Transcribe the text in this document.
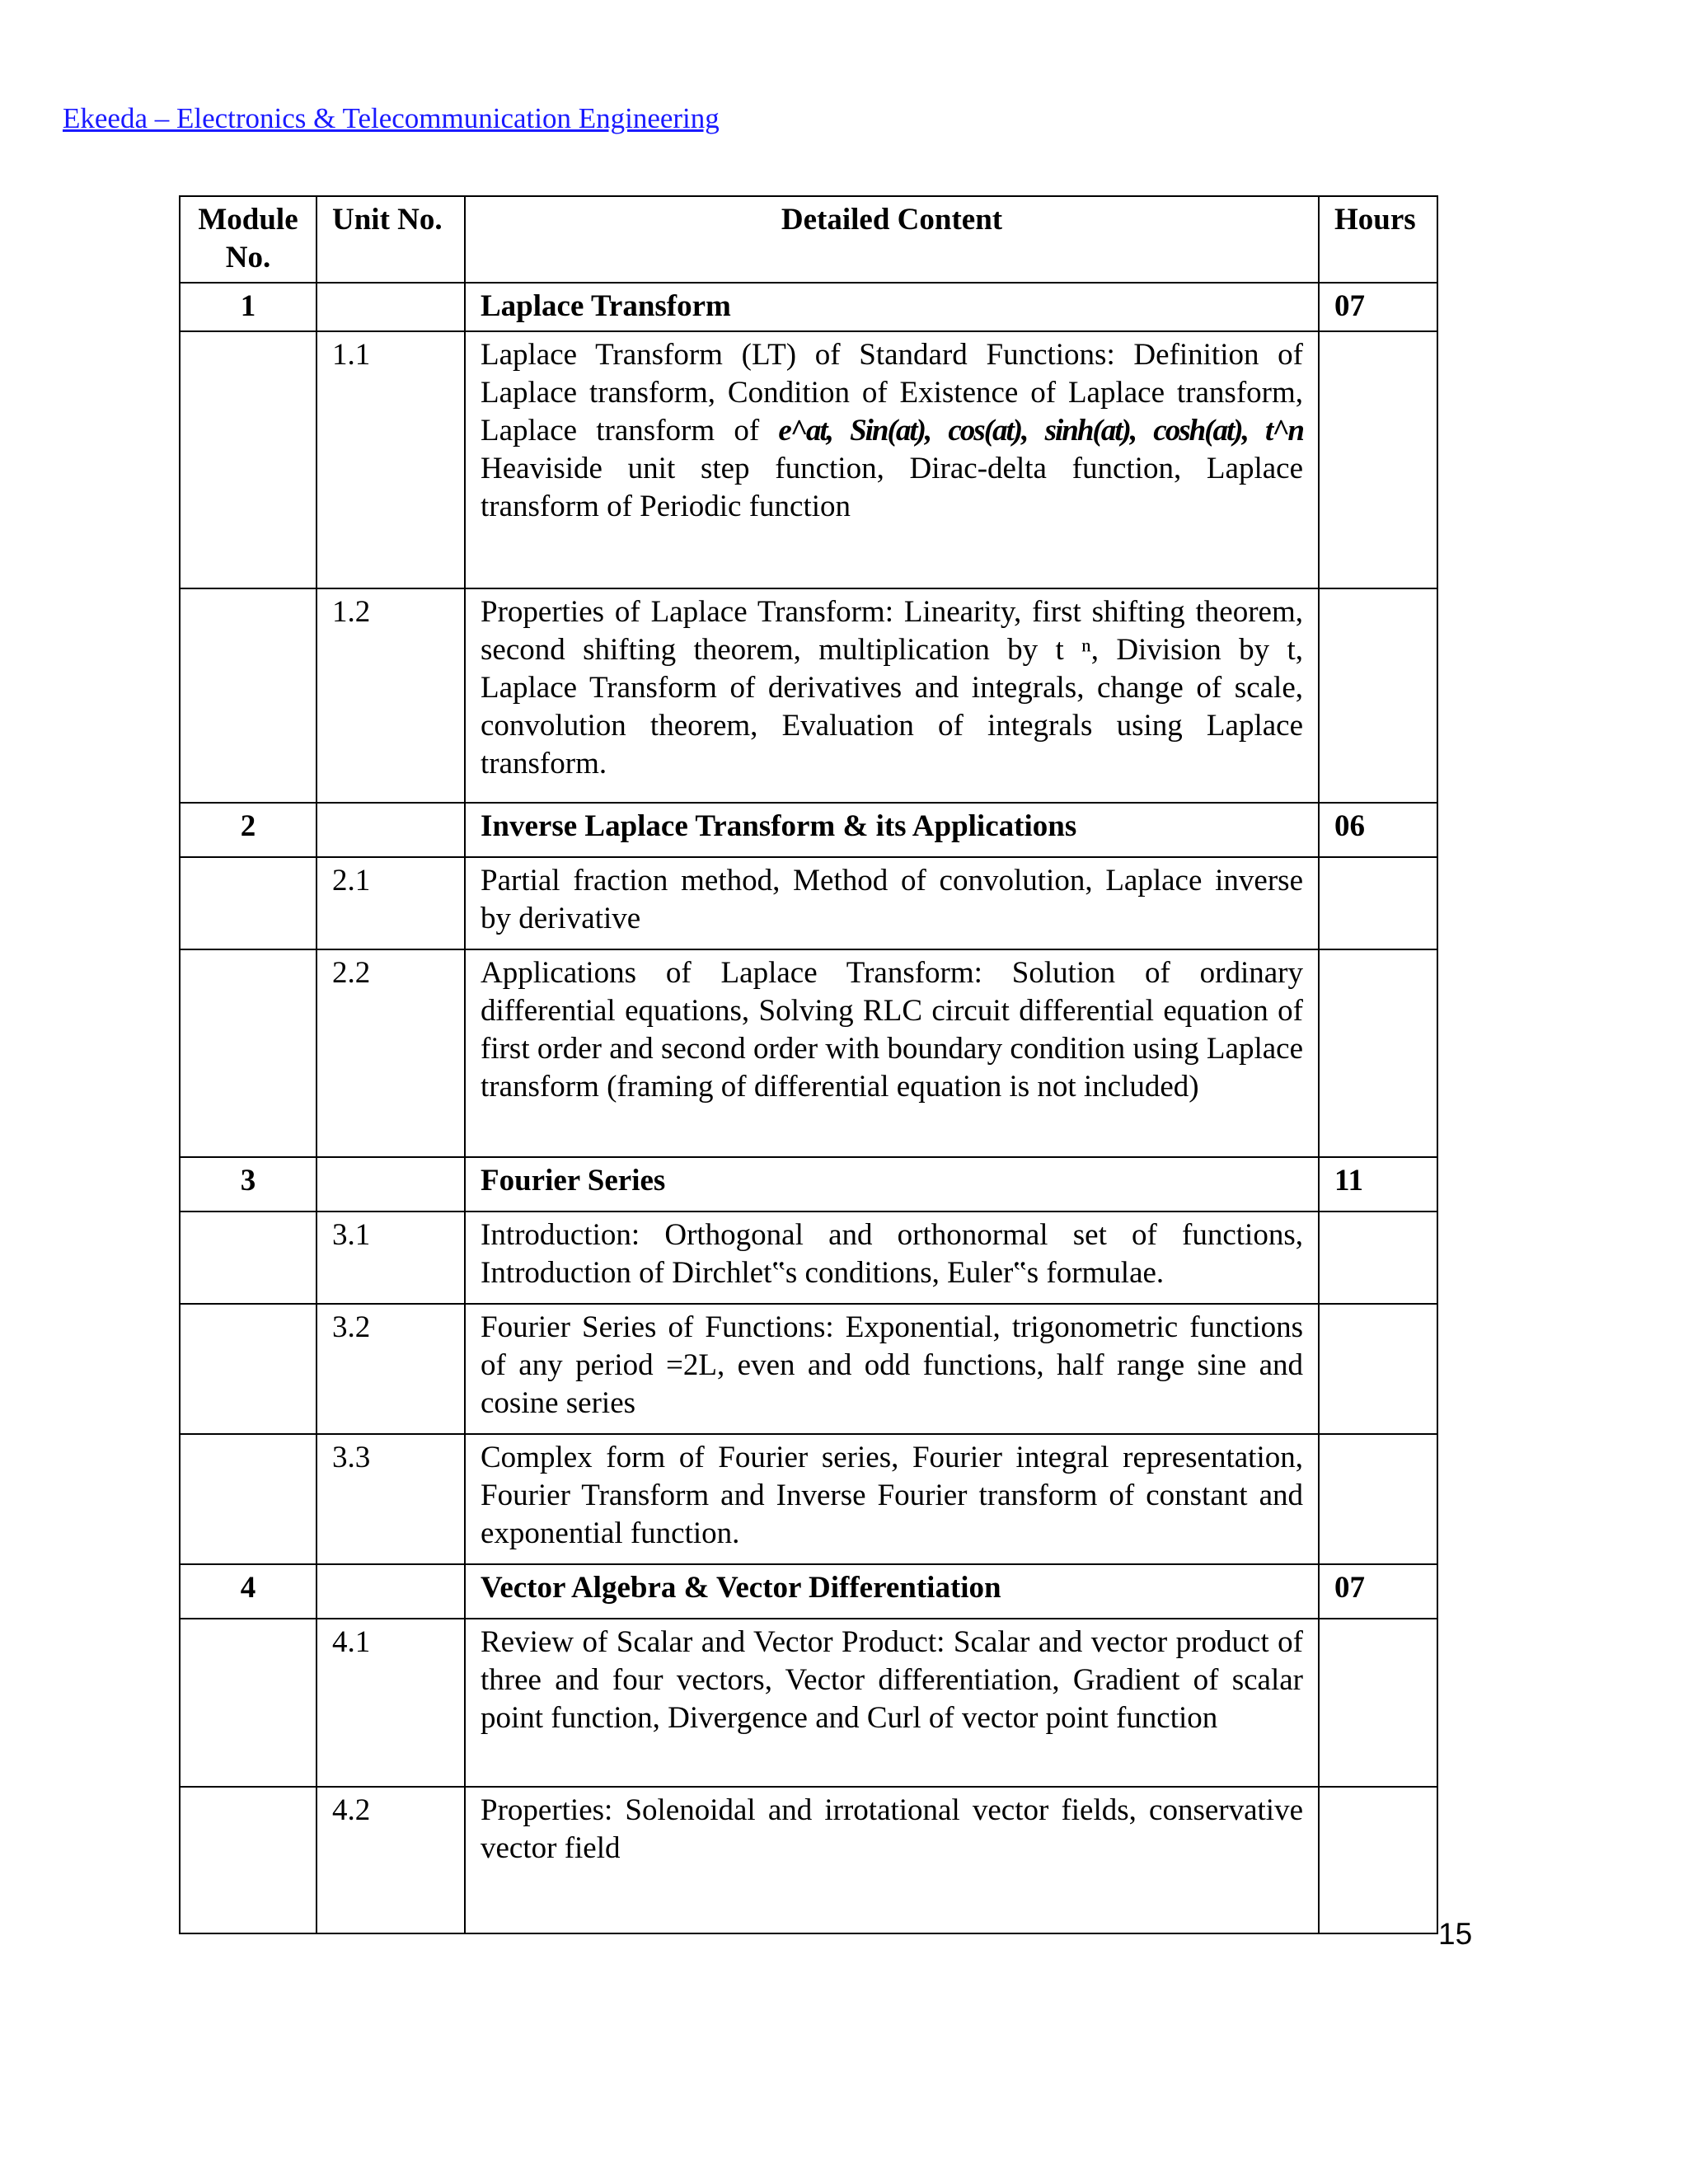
Ekeeda – Electronics & Telecommunication Engineering
Module No.	Unit No.	Detailed Content	Hours
1		Laplace Transform	07
	1.1	Laplace Transform (LT) of Standard Functions: Definition of Laplace transform, Condition of Existence of Laplace transform, Laplace transform of e^at, Sin(at), cos(at), sinh(at), cosh(at), t^n Heaviside unit step function, Dirac-delta function, Laplace transform of Periodic function	
	1.2	Properties of Laplace Transform: Linearity, first shifting theorem, second shifting theorem, multiplication by t ⁿ, Division by t, Laplace Transform of derivatives and integrals, change of scale, convolution theorem, Evaluation of integrals using Laplace transform.	
2		Inverse Laplace Transform & its Applications	06
	2.1	Partial fraction method, Method of convolution, Laplace inverse by derivative	
	2.2	Applications of Laplace Transform: Solution of ordinary differential equations, Solving RLC circuit differential equation of first order and second order with boundary condition using Laplace transform (framing of differential equation is not included)	
3		Fourier Series	11
	3.1	Introduction: Orthogonal and orthonormal set of functions, Introduction of Dirchlet‟s conditions, Euler‟s formulae.	
	3.2	Fourier Series of Functions: Exponential, trigonometric functions of any period =2L, even and odd functions, half range sine and cosine series	
	3.3	Complex form of Fourier series, Fourier integral representation, Fourier Transform and Inverse Fourier transform of constant and exponential function.	
4		Vector Algebra & Vector Differentiation	07
	4.1	Review of Scalar and Vector Product: Scalar and vector product of three and four vectors, Vector differentiation, Gradient of scalar point function, Divergence and Curl of vector point function	
	4.2	Properties: Solenoidal and irrotational vector fields, conservative vector field	
15
